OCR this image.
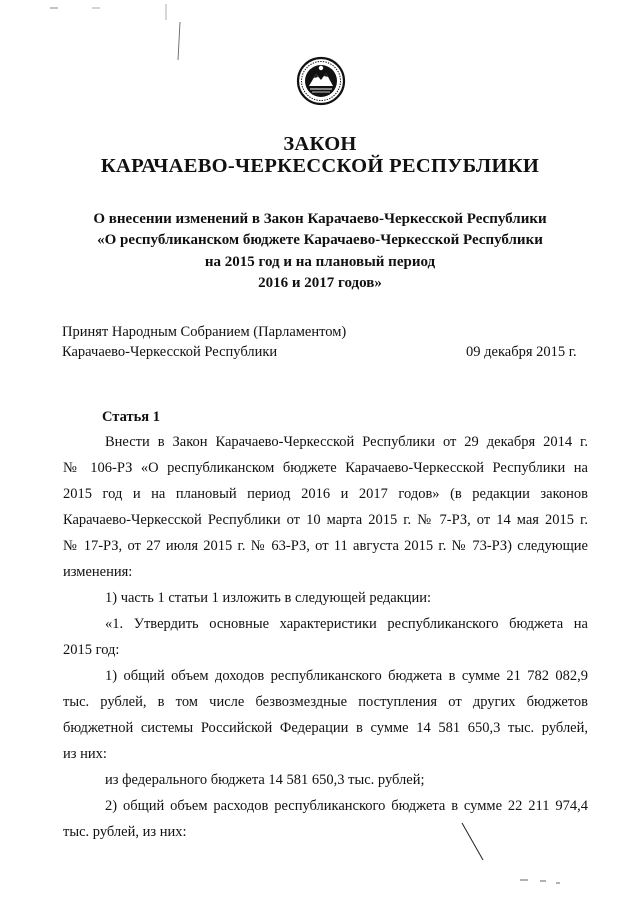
ЗАКОН
КАРАЧАЕВО-ЧЕРКЕССКОЙ РЕСПУБЛИКИ
О внесении изменений в Закон Карачаево-Черкесской Республики
«О республиканском бюджете Карачаево-Черкесской Республики
на 2015 год и на плановый период
2016 и 2017 годов»
Принят Народным Собранием (Парламентом)
Карачаево-Черкесской Республики	09 декабря 2015 г.
Статья 1
Внести в Закон Карачаево-Черкесской Республики от 29 декабря 2014 г.
№ 106-РЗ «О республиканском бюджете Карачаево-Черкесской Республики на
2015 год и на плановый период 2016 и 2017 годов» (в редакции законов
Карачаево-Черкесской Республики от 10 марта 2015 г. № 7-РЗ, от 14 мая 2015 г.
№ 17-РЗ, от 27 июля 2015 г. № 63-РЗ, от 11 августа 2015 г. № 73-РЗ) следующие
изменения:
1) часть 1 статьи 1 изложить в следующей редакции:
«1. Утвердить основные характеристики республиканского бюджета на
2015 год:
1) общий объем доходов республиканского бюджета в сумме 21 782 082,9
тыс. рублей, в том числе безвозмездные поступления от других бюджетов
бюджетной системы Российской Федерации в сумме 14 581 650,3 тыс. рублей,
из них:
из федерального бюджета 14 581 650,3 тыс. рублей;
2) общий объем расходов республиканского бюджета в сумме 22 211 974,4
тыс. рублей, из них:
